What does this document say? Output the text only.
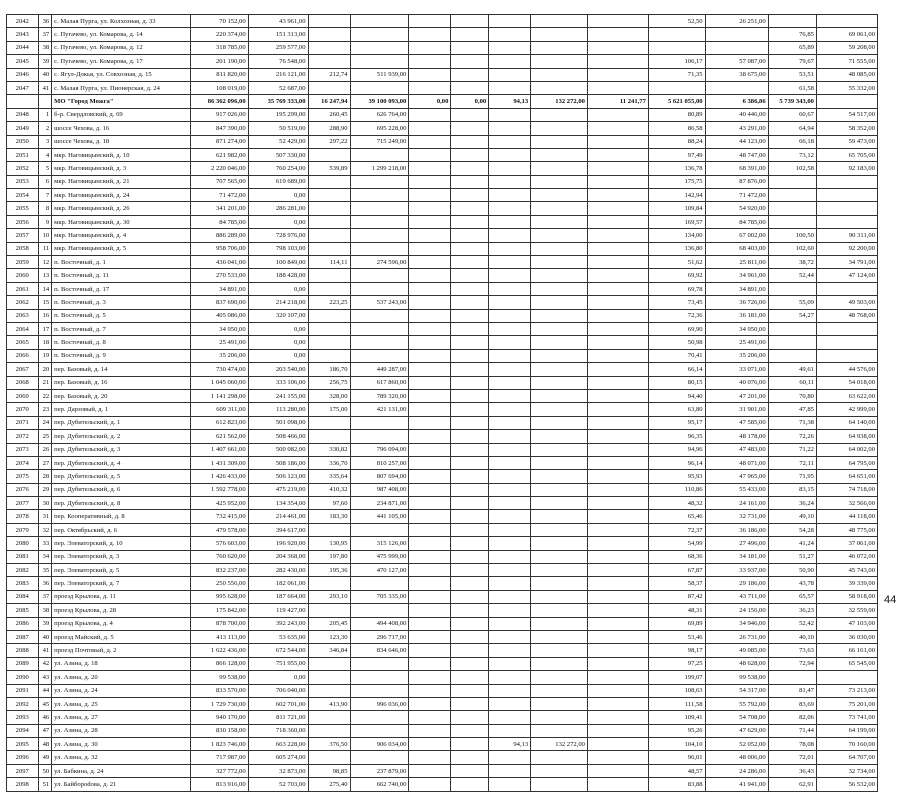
2042	36	с. Малая Пурга, ул. Колхозная, д. 33	70 152,00	43 961,00								52,50	26 251,00		
2043	37	с. Пугачево, ул. Комарова, д. 14	220 374,00	151 313,00										76,85	69 061,00
2044	38	с. Пугачево, ул. Комарова, д. 12	318 785,00	259 577,00										65,89	59 208,00
2045	39	с. Пугачево, ул. Комарова, д. 17	201 190,00	76 548,00								106,17	57 087,00	79,67	71 555,00
2046	40	с. Ягул-Докья, ул. Совхозная, д. 15	811 820,00	216 121,00	212,74	511 939,00						71,35	38 675,00	53,51	48 085,00
2047	41	с. Малая Пурга, ул. Пионерская, д. 24	108 019,00	52 687,00										61,58	55 332,00
		МО "Город Можга"	86 362 096,00	35 769 333,00	16 247,94	39 100 093,00	0,00	0,00	94,13	132 272,00	11 241,77	5 621 055,00	6 386,86	5 739 343,00	
2048	1	б-р. Свердловский, д. 69	917 026,00	195 299,00	260,45	626 764,00						80,89	40 446,00	60,67	54 517,00
2049	2	шоссе Чехова, д. 16	847 390,00	50 519,00	288,90	695 228,00						86,58	43 291,00	64,94	58 352,00
2050	3	шоссе Чехова, д. 18	871 274,00	52 429,00	297,22	715 249,00						88,24	44 123,00	66,18	59 473,00
2051	4	мкр. Наговицынский, д. 10	621 982,00	507 330,00								97,49	48 747,00	73,12	65 705,00
2052	5	мкр. Наговицынский, д. 3	2 220 046,00	760 254,00	539,89	1 299 218,00						136,78	68 391,00	102,58	92 183,00
2053	6	мкр. Наговицынский, д. 21	707 565,00	619 689,00								175,75	87 876,00		
2054	7	мкр. Наговицынский, д. 24	71 472,00	0,00								142,94	71 472,00		
2055	8	мкр. Наговицынский, д. 26	341 201,00	286 281,00								109,84	54 920,00		
2056	9	мкр. Наговицынский, д. 30	84 785,00	0,00								169,57	84 785,00		
2057	10	мкр. Наговицынский, д. 4	886 289,00	728 976,00								134,00	67 002,00	100,50	90 311,00
2058	11	мкр. Наговицынский, д. 5	958 706,00	798 103,00								136,80	68 403,00	102,60	92 200,00
2059	12	п. Восточный, д. 1	436 041,00	100 849,00	114,11	274 596,00						51,62	25 811,00	38,72	34 791,00
2060	13	п. Восточный, д. 11	270 533,00	188 428,00								69,92	34 961,00	52,44	47 124,00
2061	14	п. Восточный, д. 17	34 891,00	0,00								69,78	34 891,00		
2062	15	п. Восточный, д. 3	837 690,00	214 218,00	223,25	537 243,00						73,45	36 726,00	55,09	49 503,00
2063	16	п. Восточный, д. 5	405 086,00	320 107,00								72,36	36 181,00	54,27	48 768,00
2064	17	п. Восточный, д. 7	34 950,00	0,00								69,90	34 950,00		
2065	18	п. Восточный, д. 8	25 491,00	0,00								50,98	25 491,00		
2066	19	п. Восточный, д. 9	35 206,00	0,00								70,41	35 206,00		
2067	20	пер. Базовый, д. 14	730 474,00	203 540,00	186,70	449 287,00						66,14	33 071,00	49,61	44 576,00
2068	21	пер. Базовый, д. 16	1 045 060,00	333 106,00	256,75	617 860,00						80,15	40 076,00	60,11	54 018,00
2069	22	пер. Базовый, д. 20	1 141 298,00	241 155,00	328,00	789 320,00						94,40	47 201,00	70,80	63 622,00
2070	23	пер. Дарзовый, д. 1	609 311,00	113 280,00	175,00	421 131,00						63,80	31 901,00	47,85	42 999,00
2071	24	пер. Дубительский, д. 1	612 823,00	501 098,00								95,17	47 585,00	71,38	64 140,00
2072	25	пер. Дубительский, д. 2	621 562,00	508 466,00								96,35	48 178,00	72,26	64 938,00
2073	26	пер. Дубительский, д. 3	1 407 661,00	500 082,00	330,82	796 094,00						94,96	47 483,00	71,22	64 002,00
2074	27	пер. Дубительский, д. 4	1 431 309,00	508 186,00	336,70	810 257,00						96,14	48 071,00	72,11	64 795,00
2075	28	пер. Дубительский, д. 5	1 426 433,00	506 123,00	335,64	807 694,00						95,93	47 965,00	71,95	64 651,00
2076	29	пер. Дубительский, д. 6	1 592 778,00	475 219,00	410,32	987 408,00						110,86	55 433,00	83,15	74 718,00
2077	30	пер. Дубительский, д. 8	425 952,00	134 354,00	97,60	234 871,00						48,32	24 161,00	36,24	32 566,00
2078	31	пер. Кооперативный, д. 8	732 415,00	214 461,00	183,30	441 105,00						65,46	32 731,00	49,10	44 118,00
2079	32	пер. Октябрьский, д. 6	479 578,00	394 617,00								72,37	36 186,00	54,28	48 775,00
2080	33	пер. Элеваторский, д. 10	576 603,00	196 920,00	130,95	315 126,00						54,99	27 496,00	41,24	37 061,00
2081	34	пер. Элеваторский, д. 3	760 620,00	204 368,00	197,80	475 999,00						68,36	34 181,00	51,27	46 072,00
2082	35	пер. Элеваторский, д. 5	832 237,00	282 430,00	195,36	470 127,00						67,87	33 937,00	50,90	45 743,00
2083	36	пер. Элеваторский, д. 7	250 556,00	182 061,00								58,37	29 186,00	43,78	39 339,00
2084	37	проезд Крылова, д. 11	995 628,00	187 664,00	293,10	705 335,00						87,42	43 711,00	65,57	58 918,00
2085	38	проезд Крылова, д. 28	175 842,00	119 427,00								48,31	24 156,00	36,23	32 559,00
2086	39	проезд Крылова, д. 4	878 700,00	392 243,00	205,45	494 408,00						69,89	34 946,00	52,42	47 103,00
2087	40	проезд Майский, д. 5	413 113,00	53 635,00	123,30	296 717,00						53,46	26 731,00	40,10	36 030,00
2088	41	проезд Почтовый, д. 2	1 622 436,00	672 544,00	346,84	834 646,00						98,17	49 085,00	73,63	66 161,00
2089	42	ул. Азина, д. 18	866 128,00	751 955,00								97,25	48 628,00	72,94	65 545,00
2090	43	ул. Азина, д. 20	99 538,00	0,00								199,07	99 538,00		
2091	44	ул. Азина, д. 24	833 570,00	706 040,00								108,63	54 317,00	81,47	73 213,00
2092	45	ул. Азина, д. 25	1 729 730,00	602 701,00	413,90	996 036,00						111,58	55 792,00	83,69	75 201,00
2093	46	ул. Азина, д. 27	940 170,00	811 721,00								109,41	54 708,00	82,06	73 741,00
2094	47	ул. Азина, д. 28	830 158,00	718 360,00								95,26	47 629,00	71,44	64 199,00
2095	48	ул. Азина, д. 30	1 823 746,00	663 228,00	376,50	906 034,00			94,13	132 272,00		104,10	52 052,00	78,08	70 160,00
2096	49	ул. Азина, д. 32	717 987,00	605 274,00								96,01	48 006,00	72,01	64 707,00
2097	50	ул. Бабкина, д. 24	327 772,00	32 873,00	98,85	237 879,00						48,57	24 286,00	36,43	32 734,00
2098	51	ул. Байборodова, д. 21	813 916,00	52 703,00	275,40	662 740,00						83,88	41 941,00	62,91	56 532,00
44
